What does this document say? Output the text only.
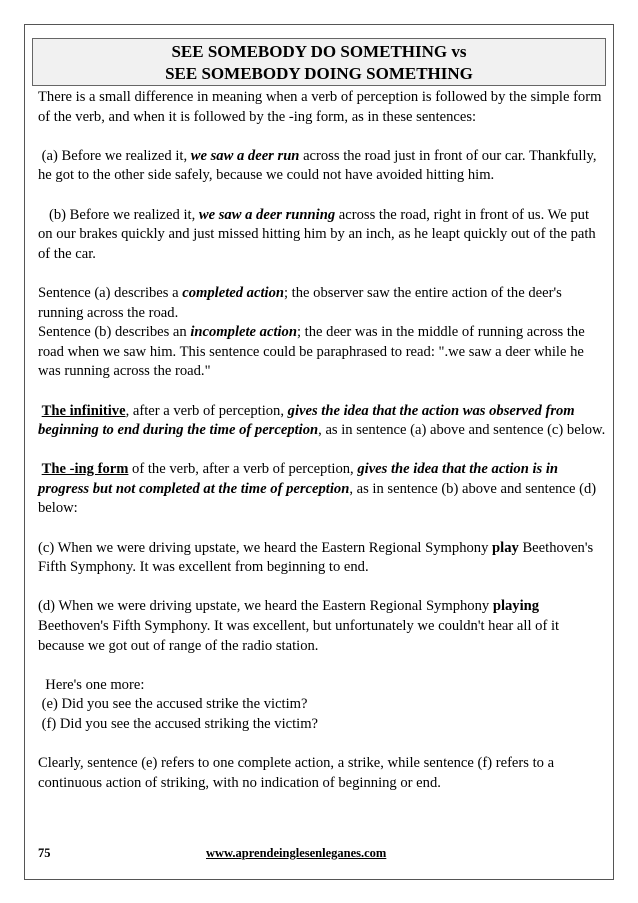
SEE SOMEBODY DO SOMETHING vs
SEE SOMEBODY DOING SOMETHING

There is a small difference in meaning when a verb of perception is followed by the simple form of the verb, and when it is followed by the -ing form, as in these sentences:

(a) Before we realized it, we saw a deer run across the road just in front of our car. Thankfully, he got to the other side safely, because we could not have avoided hitting him.

(b) Before we realized it, we saw a deer running across the road, right in front of us. We put on our brakes quickly and just missed hitting him by an inch, as he leapt quickly out of the path of the car.

Sentence (a) describes a completed action; the observer saw the entire action of the deer's running across the road.

Sentence (b) describes an incomplete action; the deer was in the middle of running across the road when we saw him. This sentence could be paraphrased to read: ".we saw a deer while he was running across the road."

The infinitive, after a verb of perception, gives the idea that the action was observed from beginning to end during the time of perception, as in sentence (a) above and sentence (c) below.

The -ing form of the verb, after a verb of perception, gives the idea that the action is in progress but not completed at the time of perception, as in sentence (b) above and sentence (d) below:

(c) When we were driving upstate, we heard the Eastern Regional Symphony play Beethoven's Fifth Symphony. It was excellent from beginning to end.

(d) When we were driving upstate, we heard the Eastern Regional Symphony playing Beethoven's Fifth Symphony. It was excellent, but unfortunately we couldn't hear all of it because we got out of range of the radio station.

Here's one more:
(e) Did you see the accused strike the victim?
(f) Did you see the accused striking the victim?

Clearly, sentence (e) refers to one complete action, a strike, while sentence (f) refers to a continuous action of striking, with no indication of beginning or end.

75	www.aprendeinglesenleganes.com
